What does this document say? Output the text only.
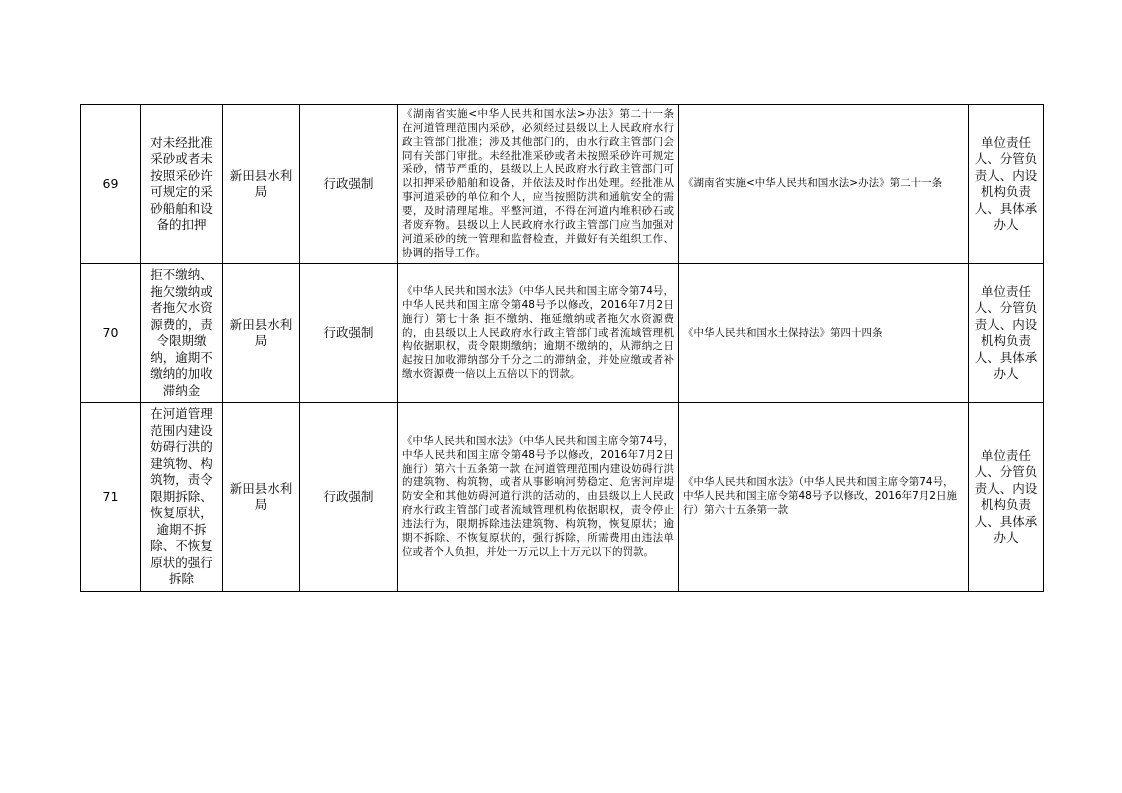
69	对未经批准采砂或者未按照采砂许可规定的采砂船舶和设备的扣押	新田县水利局	行政强制	《湖南省实施<中华人民共和国水法>办法》第二十一条 在河道管理范围内采砂，必须经过县级以上人民政府水行政主管部门批准；涉及其他部门的，由水行政主管部门会同有关部门审批。未经批准采砂或者未按照采砂许可规定采砂，情节严重的，县级以上人民政府水行政主管部门可以扣押采砂船舶和设备，并依法及时作出处理。经批准从事河道采砂的单位和个人，应当按照防洪和通航安全的需要，及时清理尾堆。平整河道，不得在河道内堆积砂石或者废弃物。县级以上人民政府水行政主管部门应当加强对河道采砂的统一管理和监督检查，并做好有关组织工作、协调的指导工作。	《湖南省实施<中华人民共和国水法>办法》第二十一条	单位责任人、分管负责人、内设机构负责人、具体承办人
70	拒不缴纳、拖欠缴纳或者拖欠水资源费的，责令限期缴纳，逾期不缴纳的加收滞纳金	新田县水利局	行政强制	《中华人民共和国水法》（中华人民共和国主席令第74号，中华人民共和国主席令第48号予以修改，2016年7月2日施行）第七十条 拒不缴纳、拖延缴纳或者拖欠水资源费的，由县级以上人民政府水行政主管部门或者流域管理机构依据职权，责令限期缴纳；逾期不缴纳的，从滞纳之日起按日加收滞纳部分千分之二的滞纳金，并处应缴或者补缴水资源费一倍以上五倍以下的罚款。	《中华人民共和国水土保持法》第四十四条	单位责任人、分管负责人、内设机构负责人、具体承办人
71	在河道管理范围内建设妨碍行洪的建筑物、构筑物，责令限期拆除、恢复原状，逾期不拆除、不恢复原状的强行拆除	新田县水利局	行政强制	《中华人民共和国水法》（中华人民共和国主席令第74号，中华人民共和国主席令第48号予以修改，2016年7月2日施行）第六十五条第一款 在河道管理范围内建设妨碍行洪的建筑物、构筑物，或者从事影响河势稳定、危害河岸堤防安全和其他妨碍河道行洪的活动的，由县级以上人民政府水行政主管部门或者流域管理机构依据职权，责令停止违法行为，限期拆除违法建筑物、构筑物，恢复原状；逾期不拆除、不恢复原状的，强行拆除，所需费用由违法单位或者个人负担，并处一万元以上十万元以下的罚款。	《中华人民共和国水法》（中华人民共和国主席令第74号，中华人民共和国主席令第48号予以修改，2016年7月2日施行）第六十五条第一款	单位责任人、分管负责人、内设机构负责人、具体承办人
